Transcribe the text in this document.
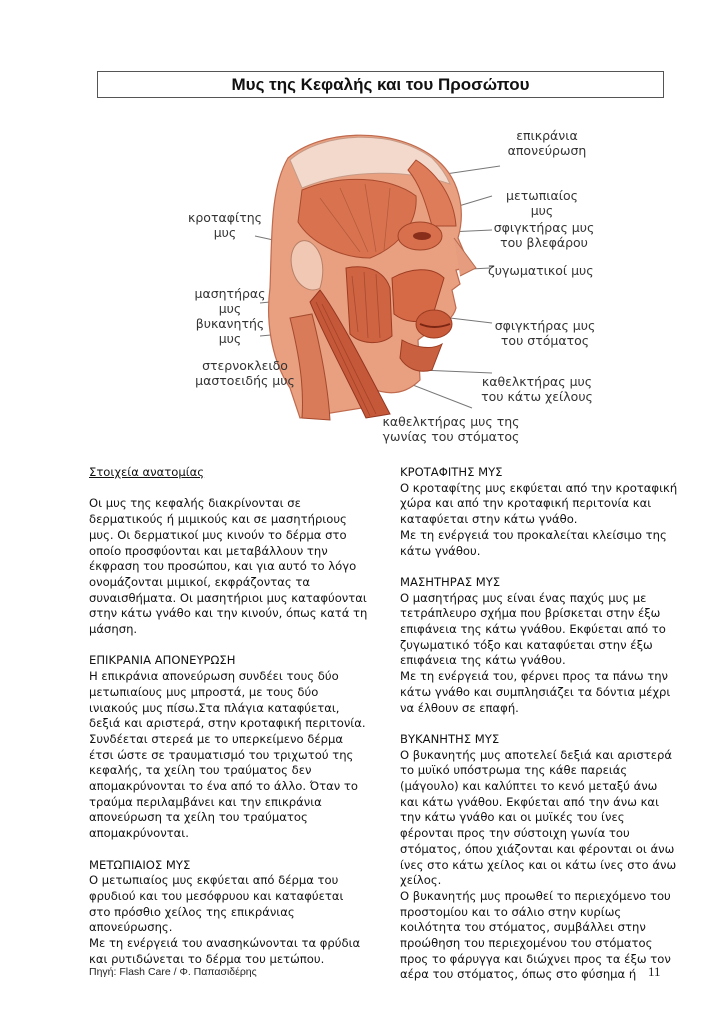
Μυς της Κεφαλής και του Προσώπου
επικράνια
απονεύρωση
κροταφίτης
μυς
μετωπιαίος
μυς
σφιγκτήρας μυς
του βλεφάρου
ζυγωματικοί μυς
μασητήρας
μυς
βυκανητής
μυς
σφιγκτήρας μυς
του στόματος
στερνοκλειδο
μαστοειδής μυς	καθελκτήρας μυς
του κάτω χείλους
καθελκτήρας μυς της
γωνίας του στόματος

Στοιχεία ανατομίας

Οι μυς της κεφαλής διακρίνονται σε

δερματικούς ή μιμικούς και σε μασητήριους

μυς. Οι δερματικοί μυς κινούν το δέρμα στο

οποίο προσφύονται και μεταβάλλουν την

έκφραση του προσώπου, και για αυτό το λόγο

ονομάζονται μιμικοί, εκφράζοντας τα

συναισθήματα. Οι μασητήριοι μυς καταφύονται

στην κάτω γνάθο και την κινούν, όπως κατά τη

μάσηση.

ΕΠΙΚΡΑΝΙΑ ΑΠΟΝΕΥΡΩΣΗ

Η επικράνια απονεύρωση συνδέει τους δύο

μετωπιαίους μυς μπροστά, με τους δύο

ινιακούς μυς πίσω.Στα πλάγια καταφύεται,

δεξιά και αριστερά, στην κροταφική περιτονία.

Συνδέεται στερεά με το υπερκείμενο δέρμα

έτσι ώστε σε τραυματισμό του τριχωτού της

κεφαλής, τα χείλη του τραύματος δεν

απομακρύνονται το ένα από το άλλο. Όταν το

τραύμα περιλαμβάνει και την επικράνια

απονεύρωση τα χείλη του τραύματος

απομακρύνονται.

ΜΕΤΩΠΙΑΙΟΣ ΜΥΣ

Ο μετωπιαίος μυς εκφύεται από δέρμα του

φρυδιού και του μεσόφρυου και καταφύεται

στο πρόσθιο χείλος της επικράνιας

απονεύρωσης.

Με τη ενέργειά του ανασηκώνονται τα φρύδια

και ρυτιδώνεται το δέρμα του μετώπου.

ΚΡΟΤΑΦΙΤΗΣ ΜΥΣ

Ο κροταφίτης μυς εκφύεται από την κροταφική

χώρα και από την κροταφική περιτονία και

καταφύεται στην κάτω γνάθο.

Με τη ενέργειά του προκαλείται κλείσιμο της

κάτω γνάθου.

ΜΑΣΗΤΗΡΑΣ ΜΥΣ

Ο μασητήρας μυς είναι ένας παχύς μυς με

τετράπλευρο σχήμα που βρίσκεται στην έξω

επιφάνεια της κάτω γνάθου. Εκφύεται από το

ζυγωματικό τόξο και καταφύεται στην έξω

επιφάνεια της κάτω γνάθου.

Με τη ενέργειά του, φέρνει προς τα πάνω την

κάτω γνάθο και συμπλησιάζει τα δόντια μέχρι

να έλθουν σε επαφή.

ΒΥΚΑΝΗΤΗΣ ΜΥΣ

Ο βυκανητής μυς αποτελεί δεξιά και αριστερά

το μυϊκό υπόστρωμα της κάθε παρειάς

(μάγουλο) και καλύπτει το κενό μεταξύ άνω

και κάτω γνάθου. Εκφύεται από την άνω και

την κάτω γνάθο και οι μυϊκές του ίνες

φέρονται προς την σύστοιχη γωνία του

στόματος, όπου χιάζονται και φέρονται οι άνω

ίνες στο κάτω χείλος και οι κάτω ίνες στο άνω

χείλος.

Ο βυκανητής μυς προωθεί το περιεχόμενο του

προστομίου και το σάλιο στην κυρίως

κοιλότητα του στόματος, συμβάλλει στην

προώθηση του περιεχομένου του στόματος

προς το φάρυγγα και διώχνει προς τα έξω τον

αέρα του στόματος, όπως στο φύσημα ή

Πηγή: Flash Care / Φ. Παπασιδέρης	11
